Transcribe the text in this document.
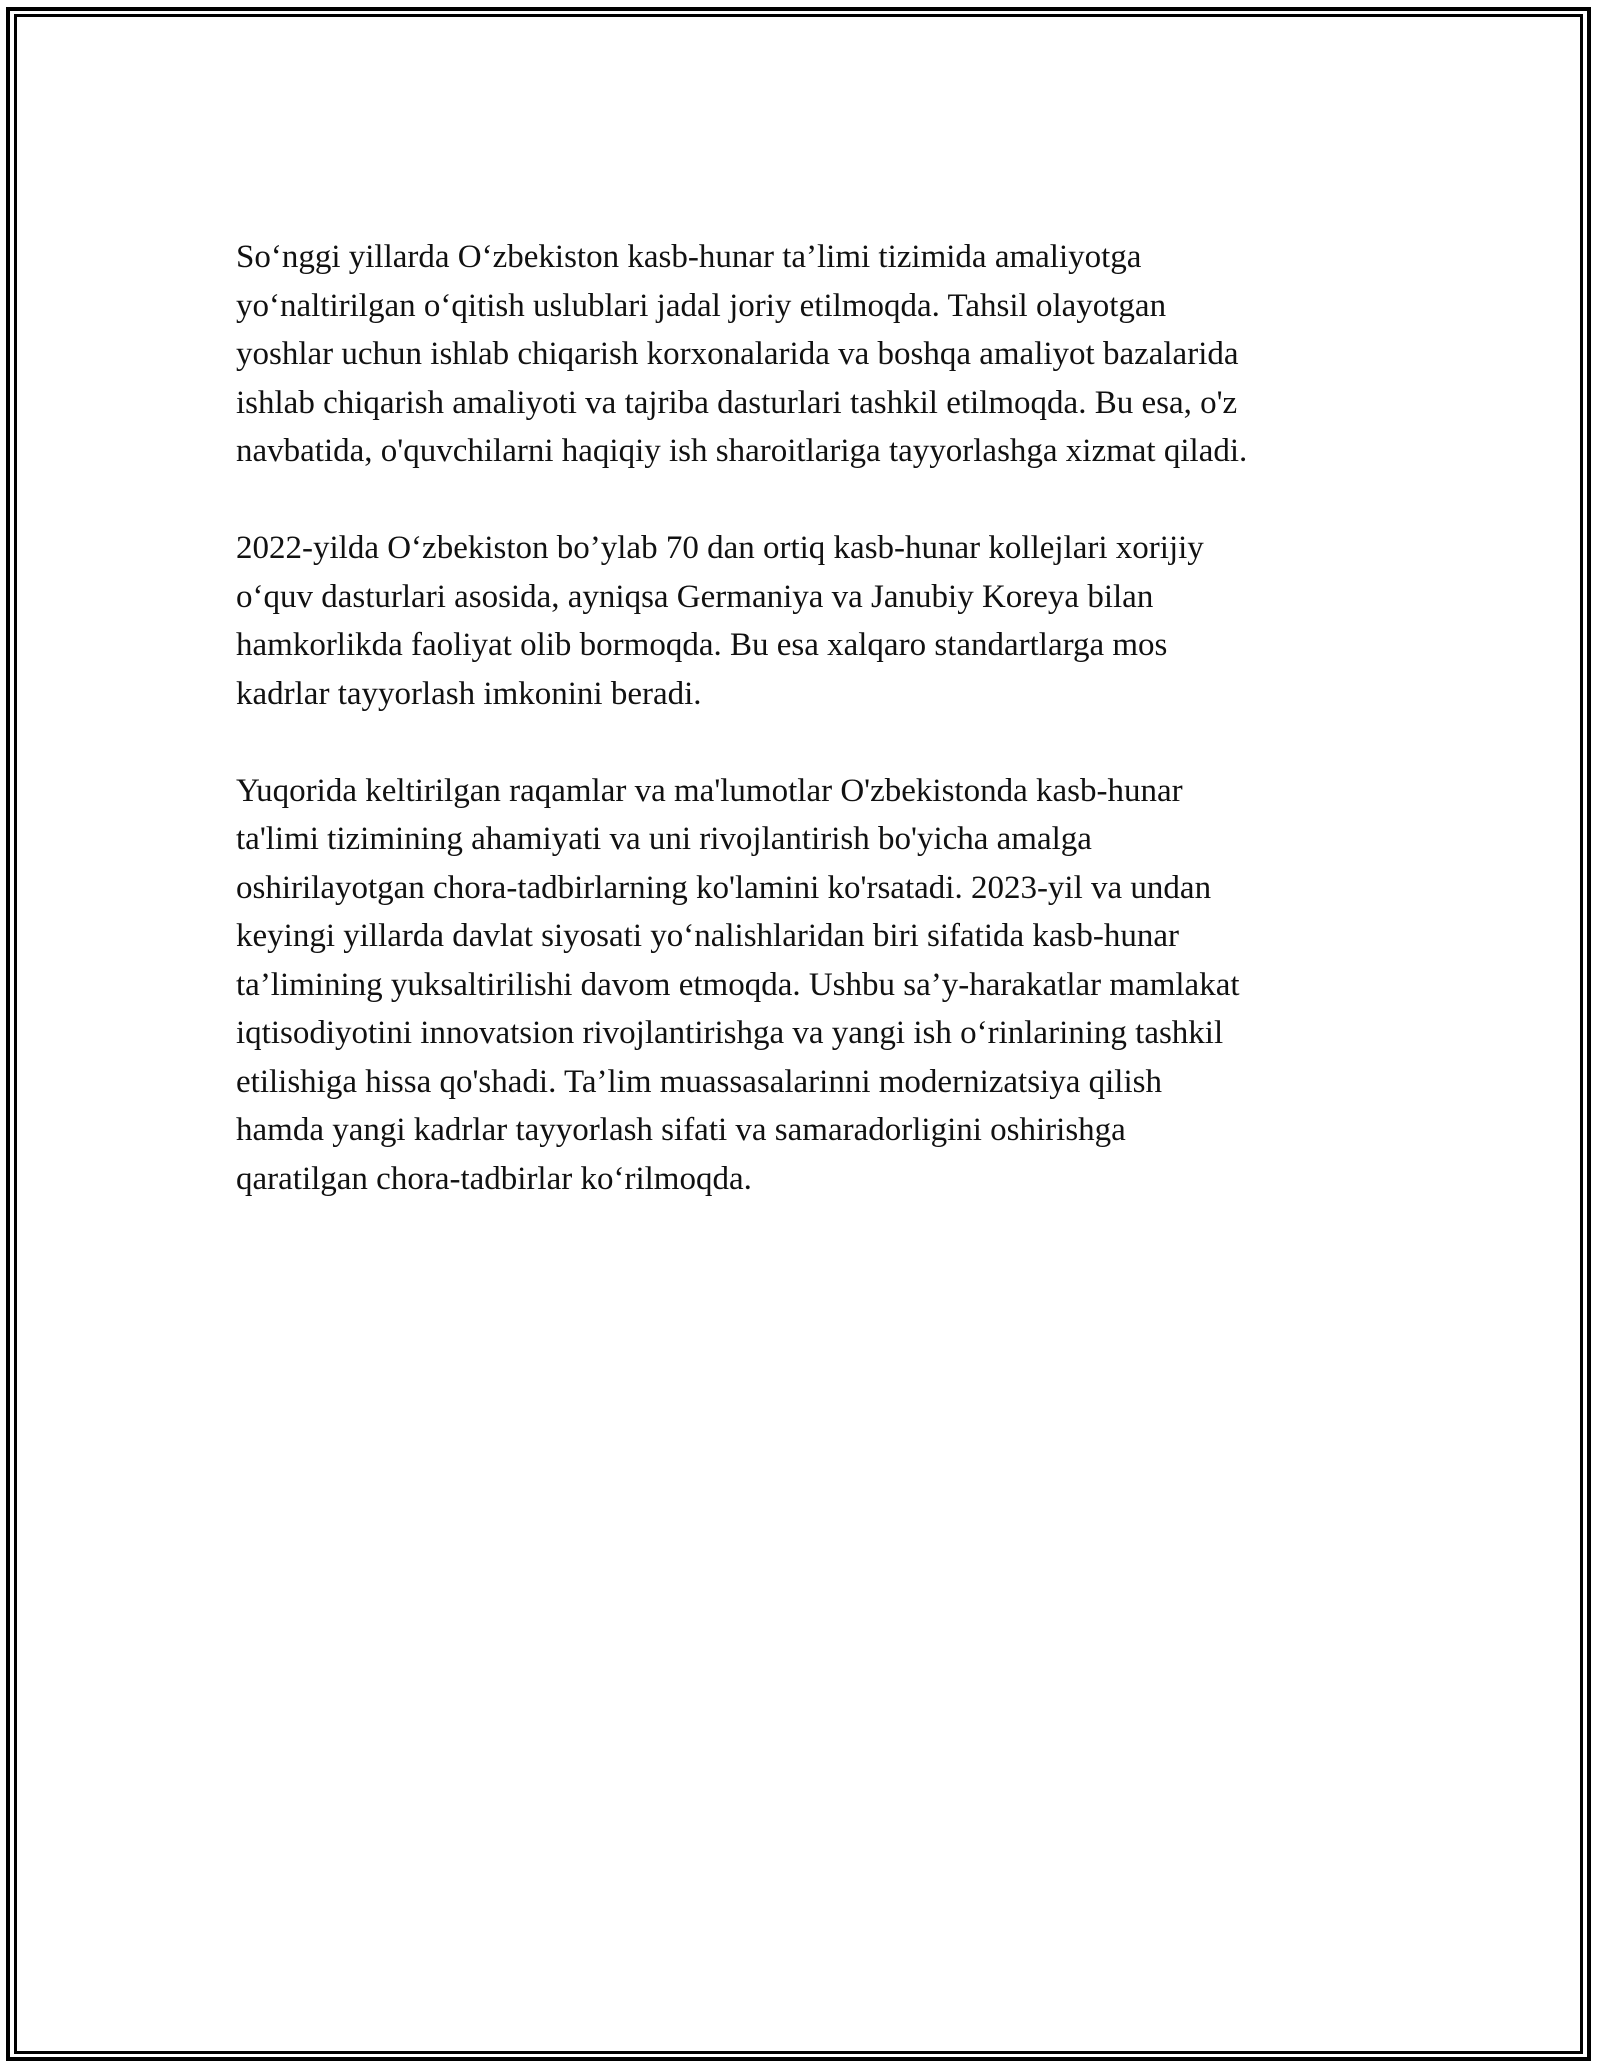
So‘nggi yillarda O‘zbekiston kasb-hunar ta’limi tizimida amaliyotga
yo‘naltirilgan o‘qitish uslublari jadal joriy etilmoqda. Tahsil olayotgan
yoshlar uchun ishlab chiqarish korxonalarida va boshqa amaliyot bazalarida
ishlab chiqarish amaliyoti va tajriba dasturlari tashkil etilmoqda. Bu esa, o'z
navbatida, o'quvchilarni haqiqiy ish sharoitlariga tayyorlashga xizmat qiladi.

2022-yilda O‘zbekiston bo’ylab 70 dan ortiq kasb-hunar kollejlari xorijiy
o‘quv dasturlari asosida, ayniqsa Germaniya va Janubiy Koreya bilan
hamkorlikda faoliyat olib bormoqda. Bu esa xalqaro standartlarga mos
kadrlar tayyorlash imkonini beradi.

Yuqorida keltirilgan raqamlar va ma'lumotlar O'zbekistonda kasb-hunar
ta'limi tizimining ahamiyati va uni rivojlantirish bo'yicha amalga
oshirilayotgan chora-tadbirlarning ko'lamini ko'rsatadi. 2023-yil va undan
keyingi yillarda davlat siyosati yo‘nalishlaridan biri sifatida kasb-hunar
ta’limining yuksaltirilishi davom etmoqda. Ushbu sa’y-harakatlar mamlakat
iqtisodiyotini innovatsion rivojlantirishga va yangi ish o‘rinlarining tashkil
etilishiga hissa qo'shadi. Ta’lim muassasalarinni modernizatsiya qilish
hamda yangi kadrlar tayyorlash sifati va samaradorligini oshirishga
qaratilgan chora-tadbirlar ko‘rilmoqda.
